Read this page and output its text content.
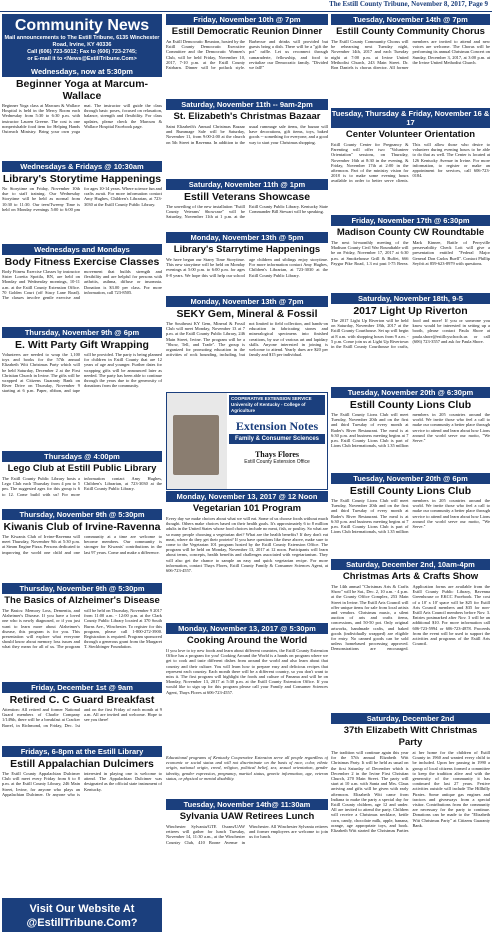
The Estill County Tribune, November 8, 2017, Page 9
Community News
Mail announcements to The Estill Tribune, 6135 Winchester Road, Irvine, KY 40336
Call (606) 723-5012; Fax to (606) 723-2745;
or E-mail it to <News@EstillTribune.Com>
Wednesdays, now at 5:30pm
Beginner Yoga at Marcum-Wallace
Beginner Yoga class at Marcum & Wallace Hospital is held in the Mercy Room each Wednesday from 5:30 to 6:30 p.m. with instructor Lauren Greene. The cost is one nonperishable food item for Helping Hands Outreach Ministry. Bring your own yoga mat. The instructor will guide the class through basic poses, focused on relaxation, balance, strength and flexibility. For class updates, please check the Marcum & Wallace Hospital Facebook page.
Wednesdays & Fridays @ 10:30am
Library's Storytime Happenings
No Storytime on Friday, November 10th due to staff training. Our Wednesday Storytime will be held as normal from 10:30 to 11:30. Our teen/Tweeny Time is held on Monday evenings 5:00 to 6:00 pm for ages 10-14 years. Where science fun and crafts await. For more information contact Amy Hughes, Children's Librarian, at 723-3030 at the Estill County Public Library.
Wednesdays and Mondays
Body Fitness Exercise Classes
Body Fitness Exercise Classes by instructor Sister Loretta Spotila, RN, are held on Monday and Wednesday mornings, 10-11 a.m. at the Estill County Extension Office. 70 Golden Court (off Stacy Lane Road). The classes involve gentle exercise and movement that builds strength and flexibility and are helpful for persons with arthritis, asthma, diffuse or insomnia. Donation is $3.00 per class. For more information, call 723-8505.
Thursday, November 9th @ 6pm
E. Witt Party Gift Wrapping
Volunteers are needed to wrap the 1,100 toys and books for the 57th annual Elizabeth Witt Christmas Party which will be held Saturday, December 2 at the First Christian Church in Irvine. The gifts will be wrapped at Citizens Guaranty Bank on River Drive on Thursday, November 9 starting at 6 p.m. Paper, ribbon, and tape will be provided. The party is being planned for children in Estill County that are 12 years of age and younger. Further dates for wrapping gifts will be announced later as needed. The party has been able to continue through the years due to the generosity of donations from the community.
Thursdays @ 4:00pm
Lego Club at Estill Public Library
The Estill County Public Library hosts a Lego Club each Thursday from 4 pm to 5 pm. The suggested ages for this group is 6 to 12. Come build with us! For more information contact Amy Hughes, Children's Librarian, at 723-3030 at the Estill County Public Library.
Thursday, November 9th @ 5:30pm
Kiwanis Club of Irvine-Ravenna
The Kiwanis Club of Irvine-Ravenna will meet Thursday, November 9th at 5:30 p.m. at Steam Engine Pizza. Persons dedicated to improving the world one child and one community at a time are welcome to become members. Our community is stronger for Kiwanis' contributions in the last 97 years. Come and make a difference.
Thursday, November 9th @ 5:30pm
The Basics of Alzheimer's Disease
The Basics: Memory Loss, Dementia, and Alzheimer's Disease. If you have a loved one who is newly diagnosed, or if you just want to learn more about Alzheimer's disease, this program is for you. This presentation will explore what everyone should know about memory loss issues and what they mean for all of us. The program will be held on Thursday, November 9 2017 from 11:00 a.m. - 12:00 p.m. at the Clark County Public Library located at 370 South Burns Ave., Winchester. To register for this program, please call 1-800-272-3900. Registration is required. Program sponsored through a generous grant from the Margaret T. Steckbinger Foundation.
Friday, December 1st @ 9am
Retired C. C Guard Breakfast
Attention: All retired and former National Guard members of Charlie Company 1/149th, there will be a breakfast at Cracker Barrel, in Richmond, on Friday, Dec. 1st and on the first Friday of each month at 9 a.m. All are invited and welcome. Hope to see you there!
Fridays, 6-8pm at the Estill Library
Estill Appalachian Dulcimers
The Estill County Appalachian Dulcimer Club will meet every Friday from 6 to 8 p.m. at the Estill County Library, 246 Main Street, Irvine, for anyone who plays an Appalachian Dulcimer. Or anyone who is interested in playing one is welcome to attend. The Appalachian Dulcimer was designated as the official state instrument of Kentucky.
Visit Our Website At
@EstillTribune.Com?
Friday, November 10th @ 7pm
Estill Democratic Reunion Dinner
An Estill Democratic Reunion, hosted by the Estill County Democratic Executive Committee and the Democratic Women's Club, will be held Friday, November 10, 2017, 7-10 p.m. at the Estill County Fairbarn. Dinner will be potluck style. Barbecue and drinks will provided but guests bring a dish. There will be a "gift the pot" raffle. Let us reconnect through camaraderie, fellowship, and food to revitalize our Democratic family. "Divided we fall!"
Saturday, November 11th -- 9am-2pm
St. Elizabeth's Christmas Bazaar
Saint Elizabeth's Annual Christmas Bazaar and Rummage Sale will be Saturday, November 11, from 9:00-2:00 at the church on 5th Street in Ravenna. In addition to the usual rummage sale items, the bazaar will have decorations, gift items, toys, baked goods -- something for everyone, and a good way to start your Christmas shopping.
Saturday, November 11th @ 1pm
Estill Veterans Showcase
The unveiling of the new installation "Estill County Veterans' Showcase" will be Saturday, November 11th at 1 p.m. at the Estill County Public Library. Kentucky State Commander Bill Stewart will be speaking.
Monday, November 13th @ 5pm
Library's Starrytime Happenings
We have begun our Starry Time Storytime. This new storytime will be held on Monday evenings at 5:00 p.m. to 6:00 p.m. for ages 0-8 years. We hope this will help our school age children and siblings enjoy storytime. For more information contact Amy Hughes, Children's Librarian, at 723-3030 at the Estill County Public Library.
Monday, November 13th @ 7pm
SEKY Gem, Mineral & Fossil
The Southeast KY Gem, Mineral & Fossil Club will meet Monday, November 13 at 7 p.m. at the Estill County Public Library, 246 Main Street, Irvine. The program will be a "Show, Tell, and Trade". The group is organized for promoting education in the activities of rock hounding, including, but not limited to field collection, and hands-on education in fabricating stones and mineralogical specimens into finished creations, by use of various art and lapidary skills. Anyone interested in joining is welcome to attend. Yearly dues are $20 per family and $15 per individual.
COOPERATIVE EXTENSION SERVICE University of Kentucky - College of Agriculture
Extension Notes
Family & Consumer Sciences
Thays Flores
Estill County Extension Office
Monday, November 13, 2017 @ 12 Noon
Vegetarian 101 Program
Every day we make choices about what we will eat. Some of us choose foods without much thought. Others make choices based on their health goals. It's approximately 6 to 8 million adults in the United States whose food choices include no meat, fish, or poultry. So what are so many people choosing a vegetarian diet? What are the health benefits? If they don't eat meat, where do they get their protein? If you have questions like these above, make sure to come to the Vegetarian 101 program hosted by the Estill County Extension Office. The program will be held on Monday, November 13, 2017 at 12 noon. Participants will learn about terms, concepts, health benefits and challenges associated with vegetarianism. They will also get the chance to sample an easy and quick vegetarian recipe. For more information, contact Thays Flores, Estill County Family & Consumer Sciences Agent, at 606-723-4557.
Monday, November 13, 2017 @ 5:30pm
Cooking Around the World
If you love to try new foods and learn about different countries, the Estill County Extension Office has a program for you! Cooking Around the World is a hands on program where we get to cook and taste different dishes from around the world and also learn about that country and their culture. You will learn how to prepare easy and delicious recipes that represent each country. Each month there will be a different country, so you don't want to miss it. The first program will highlight the foods and culture of Panama and will be on Monday, November 13, 2017 at 5:30 p.m. at the Estill County Extension Office. If you would like to sign up for this program please call your Family and Consumer Sciences Agent, Thays Flores at 606-723-4557.
Educational programs of Kentucky Cooperative Extension serve all people regardless of economic or social status and will not discriminate on the basis of race, color, ethnic origin, national origin, creed, religion, political belief, sex, sexual orientation, gender identity, gender expression, pregnancy, marital status, genetic information, age, veteran status, or physical or mental disability.
Tuesday, November 14th@ 11:30am
Sylvania UAW Retirees Lunch
Winchester Sylvania/GTE Osram/UAW retirees will gather for lunch Tuesday, November 14, 11:30 a.m., at the Winchester Country Club, 410 Boone Avenue in Winchester. All Winchester Sylvania retirees and former employees are welcome to join us for lunch.
Tuesday, November 14th @ 7pm
Estill County Community Chorus
The Estill County Community Chorus will be rehearsing next Tuesday night, November 14th, 2017 and each Tuesday night at 7:00 p.m. at Irvine United Methodist Church, 243 Main Street. Dr. Ron Daniels is chorus director. All former members are invited to attend and new voices are welcome. The Chorus will be performing its annual Christmas Concert on Sunday, December 3, 2017, at 3:00 p.m. at the Irvine United Methodist Church.
Tuesday, Thursday & Friday, November 16 & 17
Center Volunteer Orientation
Estill County Center for Pregnancy & Parenting will offer two "Volunteer Orientation" sessions, on Thursday, November 16th at 8:30 in the evening, & Friday, November 17th at 2:00 in the afternoon. Part of the ministry vision for 2018 is to make some evening hours available in order to better serve clients. This will allow those who desire to volunteer during evening hours to be able to do that as well. The Center is located at 126 Kentucky Avenue in Irvine. For more information, to register or make an appointment for services, call 606-723-0184.
Friday, November 17th @ 6:30pm
Madison County CW Roundtable
The next bi-monthly meeting of the Madison County Civil War Roundtable will be on Friday, November 17, 2017 at 6:30 p.m. at Smokehouse Grill & Buffet, 666 Paygar Pike Road, 1.3 mi past I-75 Berea. Mark Kinnee, Battle of Perryville perservability Check Lott will give a presentation entitled "Federal Major General Don Carlos Buell". Contact Phillip Seyfrit at 859-623-8979 with questions.
Saturday, November 18th, 9-5
2017 Light Up Riverton
The 2017 Light Up Riverton will be held on Saturday, November 18th, 2017 at the Estill County Courthouse. Set up will begin at 8 a.m. with shopping hours from 9 a.m. - 5 p.m. Come join us at Light Up Rivertown in the Estill County Courthouse for crafts, food and more! If you or someone you know would be interested in setting up a booth, please contact Paula Shore at paula.shore@estillcyschools.us or call (606) 723-3557 and ask for Paula Shore.
Tuesday, November 20th @ 6:30pm
Estill County Lions Club
The Estill County Lions Club will meet Tuesday, November 20th and on the first and third Tuesday of every month at Rader's River Restaurant. The meal is at 6:30 p.m. and business meeting begins at 7 p.m. Estill County Lions Club is part of Lions Club Internationals, with 1.35 million members in 205 countries around the world. We invite those who feel a call to make our community a better place through service to attend and learn about how Lions around the world serve our motto, "We Serve."
Tuesday, November 20th @ 6pm
Estill County Lions Club
The Estill County Lions Club will meet Tuesday, November 20th and on the first and third Tuesday of every month at Rader's River Restaurant. The meal is at 6:30 p.m. and business meeting begins at 7 p.m. Estill County Lions Club is part of Lions Club Internationals, with 1.35 million members in 205 countries around the world. We invite those who feel a call to make our community a better place through service to attend and learn about how Lions around the world serve our motto, "We Serve."
Saturday, December 2nd, 10am-4pm
Christmas Arts & Crafts Show
The 14th annual "Christmas Arts & Crafts Show" will be Sat., Dec. 2, 10 a.m. - 4 p.m. at the County Office Complex, 253 Main Street in Irvine. The Estill Arts Council will offer unique items for sale from local artists and vendors. Christmas music, a silent auction of arts and crafts items, concessions, and 50-50 pot. Only original artworks, handmade crafts, and baked goods (individually wrapped) are eligible for entry. No canned goods can be sold unless homebased processing approved. Demonstrations are encouraged. Application forms are available from the Estill County Public Library, Ravenna Greenhouse or EKCC Facebook. The cost of a 10' x 10' space will be $25 for Estill Arts Council members and $35 for non-Estill Arts Council members before Nov. 3. Entries postmarked after Nov. 3 will be an additional $10. For more information call 606-723-5994 or 606-723-4878. Proceeds from the event will be used to support the activities and programs of the Estill Arts Council.
Saturday, December 2nd
37th Elizabeth Witt Christmas Party
The tradition will continue again this year for the 57th annual Elizabeth Witt Christmas Party. It will be held as usual on the first Saturday of December which is December 2 in the Irvine First Christian Church, 270 Main Street. The party will start at 10 a.m. with Santa and Mrs. Claus arriving and gifts will be given with early afternoon. Elizabeth Witt came from Indiana to make the party a special day for Estill County children, age 12 and under. All are invited to attend the party. Children will receive a Christmas necklace, kettle corn, candy, chocolate milk, apple, banana, orange, age appropriate toys, and book. Elizabeth Witt started the Christmas Parties at her home for the children of Estill County in 1960 and wanted every child to be included. Upon her passing in 1990 a group of local citizens formed a committee to keep the tradition alive and with the generosity of the community it has continued the last 27 years. Festive activities outside will include The Hillbilly Pirates. Some antique gas engines and tractors and giveaways from a special visitor. Contributions from the community are necessary for the party to continue. Donations can be made to the "Elizabeth Witt Christmas Party" at Citizens Guaranty Bank.
